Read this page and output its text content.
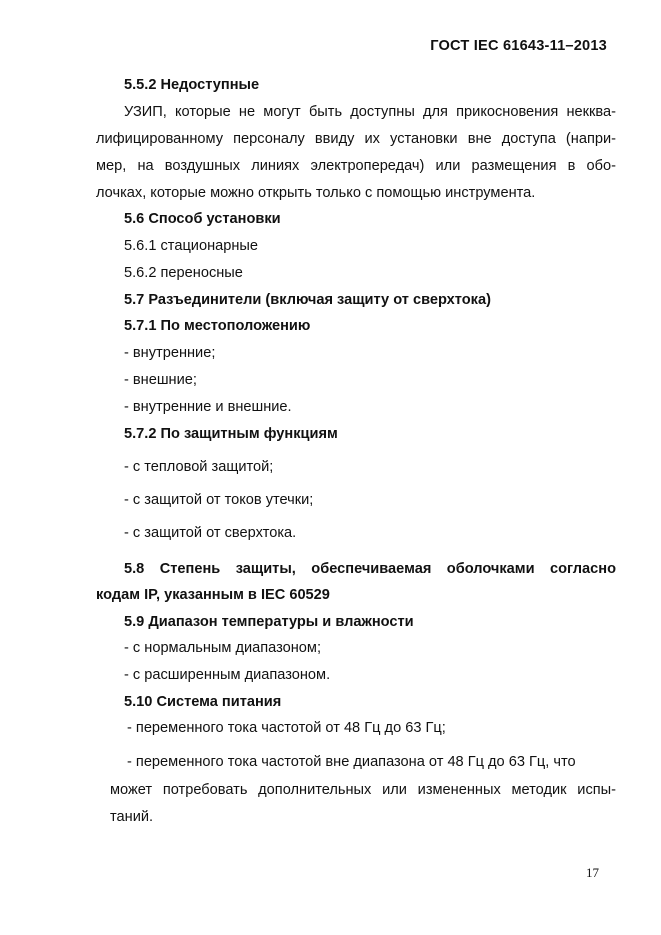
ГОСТ IEC 61643-11–2013
5.5.2 Недоступные
УЗИП, которые не могут быть доступны для прикосновения некква-
лифицированному персоналу ввиду их установки вне доступа (напри-
мер, на воздушных линиях электропередач) или размещения в обо-
лочках, которые можно открыть только с помощью инструмента.
5.6 Способ установки
5.6.1 стационарные
5.6.2 переносные
5.7 Разъединители (включая защиту от сверхтока)
5.7.1 По местоположению
- внутренние;
- внешние;
- внутренние и внешние.
5.7.2 По защитным функциям
- с тепловой защитой;
- с защитой от токов утечки;
- с защитой от сверхтока.
5.8 Степень защиты, обеспечиваемая оболочками согласно
кодам IP, указанным в IEC 60529
5.9 Диапазон температуры и влажности
- с нормальным диапазоном;
- с расширенным диапазоном.
5.10 Система питания
- переменного тока частотой от 48 Гц до 63 Гц;
- переменного тока частотой вне диапазона от 48 Гц до 63 Гц, что
может потребовать дополнительных или измененных методик испы-
таний.
17
